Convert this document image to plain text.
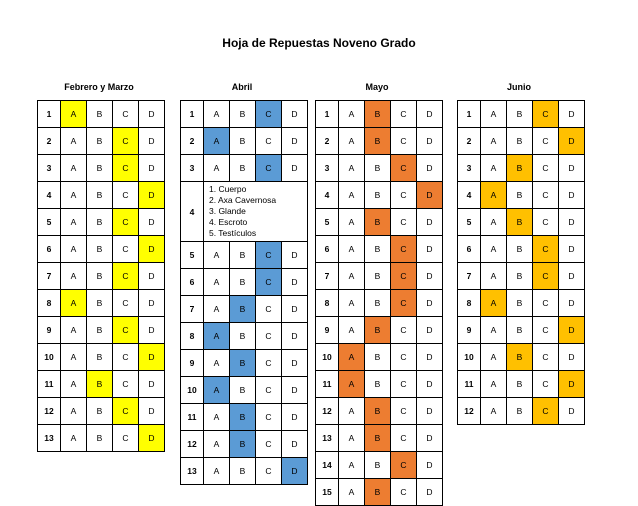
Hoja de Repuestas Noveno Grado
Febrero y Marzo
1	A	B	C	D
2	A	B	C	D
3	A	B	C	D
4	A	B	C	D
5	A	B	C	D
6	A	B	C	D
7	A	B	C	D
8	A	B	C	D
9	A	B	C	D
10	A	B	C	D
11	A	B	C	D
12	A	B	C	D
13	A	B	C	D
Abril
1	A	B	C	D
2	A	B	C	D
3	A	B	C	D
4	1. Cuerpo
2. Axa Cavernosa
3. Glande
4. Escroto
5. Testículos			

5	A	B	C	D
6	A	B	C	D
7	A	B	C	D
8	A	B	C	D
9	A	B	C	D
10	A	B	C	D
11	A	B	C	D
12	A	B	C	D
13	A	B	C	D
Mayo
1	A	B	C	D
2	A	B	C	D
3	A	B	C	D
4	A	B	C	D
5	A	B	C	D
6	A	B	C	D
7	A	B	C	D
8	A	B	C	D
9	A	B	C	D
10	A	B	C	D
11	A	B	C	D
12	A	B	C	D
13	A	B	C	D
14	A	B	C	D
15	A	B	C	D
Junio
1	A	B	C	D
2	A	B	C	D
3	A	B	C	D
4	A	B	C	D
5	A	B	C	D
6	A	B	C	D
7	A	B	C	D
8	A	B	C	D
9	A	B	C	D
10	A	B	C	D
11	A	B	C	D
12	A	B	C	D
